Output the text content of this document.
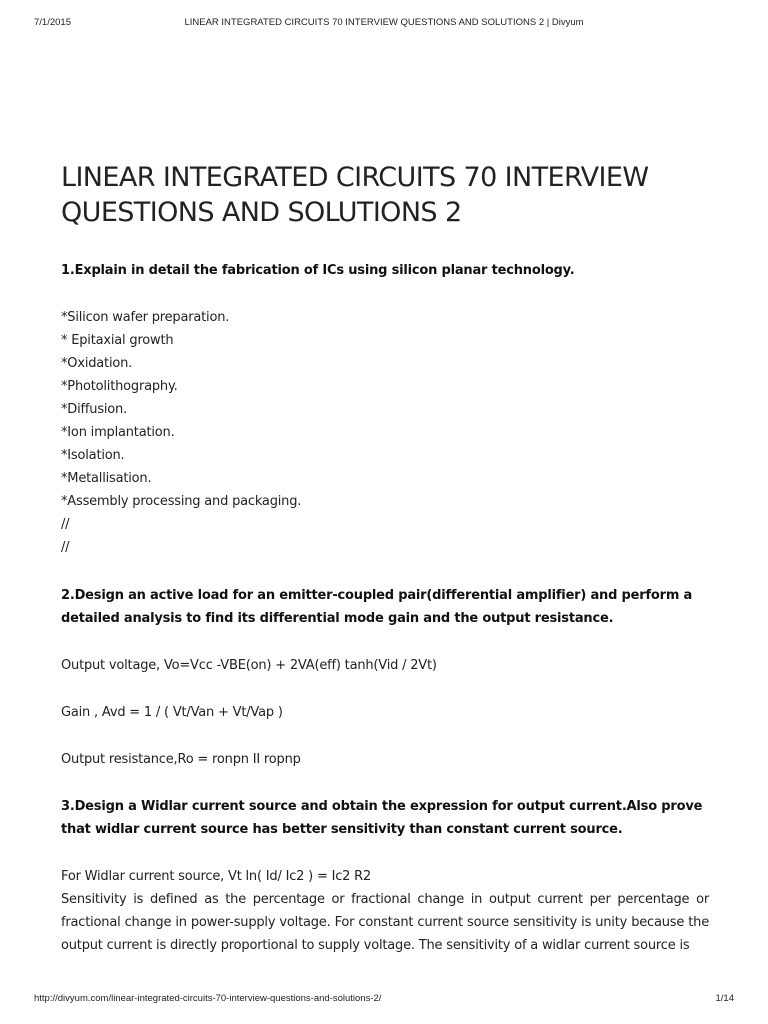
7/1/2015	LINEAR INTEGRATED CIRCUITS 70 INTERVIEW QUESTIONS AND SOLUTIONS 2 | Divyum
LINEAR INTEGRATED CIRCUITS 70 INTERVIEW QUESTIONS AND SOLUTIONS 2

1.Explain in detail the fabrication of ICs using silicon planar technology.

*Silicon wafer preparation.
* Epitaxial growth
*Oxidation.
*Photolithography.
*Diffusion.
*Ion implantation.
*Isolation.
*Metallisation.
*Assembly processing and packaging.
//
//

2.Design an active load for an emitter-coupled pair(differential amplifier) and perform a detailed analysis to find its differential mode gain and the output resistance.

Output voltage, Vo=Vcc -VBE(on) + 2VA(eff) tanh(Vid / 2Vt)

Gain , Avd = 1 / ( Vt/Van + Vt/Vap )

Output resistance,Ro = ronpn II ropnp

3.Design a Widlar current source and obtain the expression for output current.Also prove that widlar current source has better sensitivity than constant current source.

For Widlar current source, Vt ln( Id/ Ic2 ) = Ic2 R2

Sensitivity is defined as the percentage or fractional change in output current per percentage or fractional change in power-supply voltage. For constant current source sensitivity is unity because the output current is directly proportional to supply voltage. The sensitivity of a widlar current source is

http://divyum.com/linear-integrated-circuits-70-interview-questions-and-solutions-2/	1/14
